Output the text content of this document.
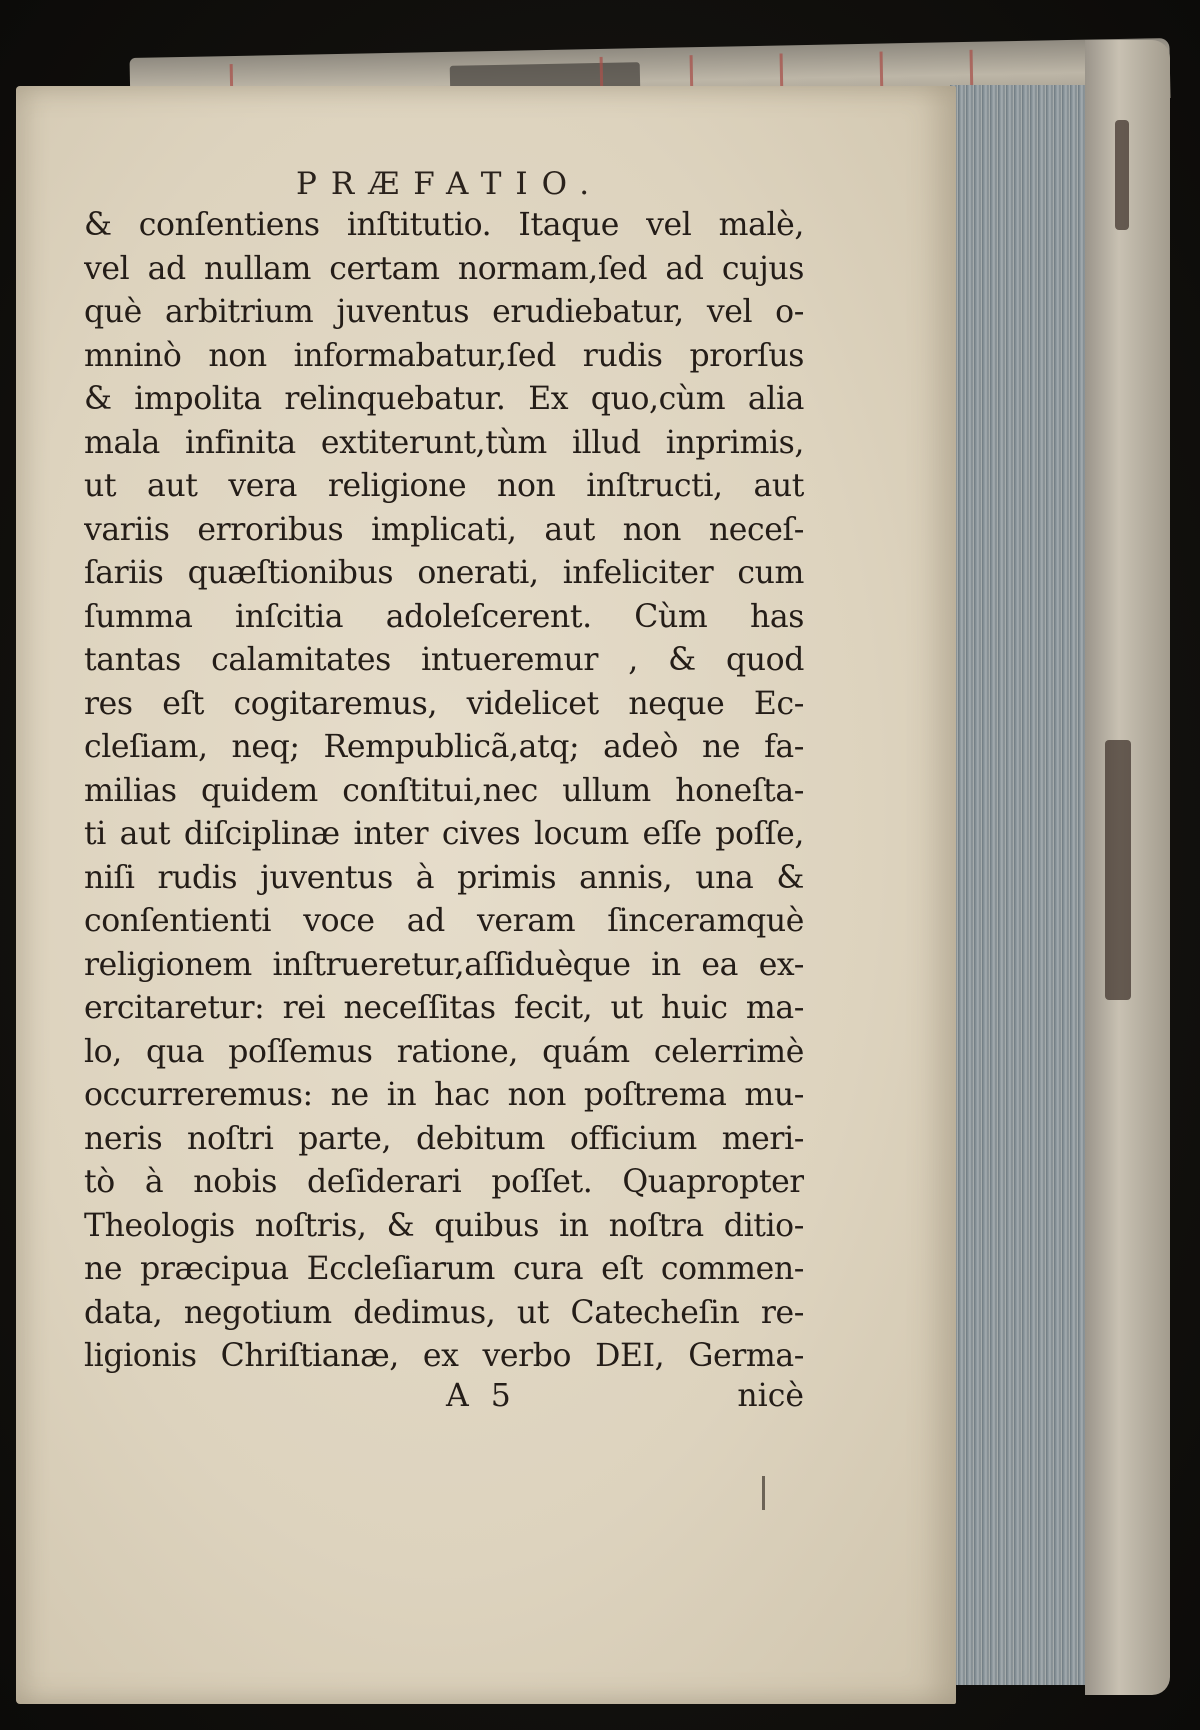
PRÆFATIO.
& conſentiens inſtitutio. Itaque vel malè,
vel ad nullam certam normam,ſed ad cujus
què arbitrium juventus erudiebatur, vel o-
mninò non informabatur,ſed rudis prorſus
& impolita relinquebatur. Ex quo,cùm alia
mala infinita extiterunt,tùm illud inprimis,
ut aut vera religione non inſtructi, aut
variis erroribus implicati, aut non neceſ-
ſariis quæſtionibus onerati, infeliciter cum
ſumma inſcitia adoleſcerent. Cùm has
tantas calamitates intueremur , & quod
res eſt cogitaremus, videlicet neque Ec-
cleſiam, neq; Rempublicã,atq; adeò ne fa-
milias quidem conſtitui,nec ullum honeſta-
ti aut diſciplinæ inter cives locum eſſe poſſe,
niſi rudis juventus à primis annis, una &
conſentienti voce ad veram ſinceramquè
religionem inſtrueretur,aſſiduèque in ea ex-
ercitaretur: rei neceſſitas fecit, ut huic ma-
lo, qua poſſemus ratione, quám celerrimè
occurreremus: ne in hac non poſtrema mu-
neris noſtri parte, debitum officium meri-
tò à nobis deſiderari poſſet. Quapropter
Theologis noſtris, & quibus in noſtra ditio-
ne præcipua Eccleſiarum cura eſt commen-
data, negotium dedimus, ut Catecheſin re-
ligionis Chriſtianæ, ex verbo DEI, Germa-
A 5	nicè
